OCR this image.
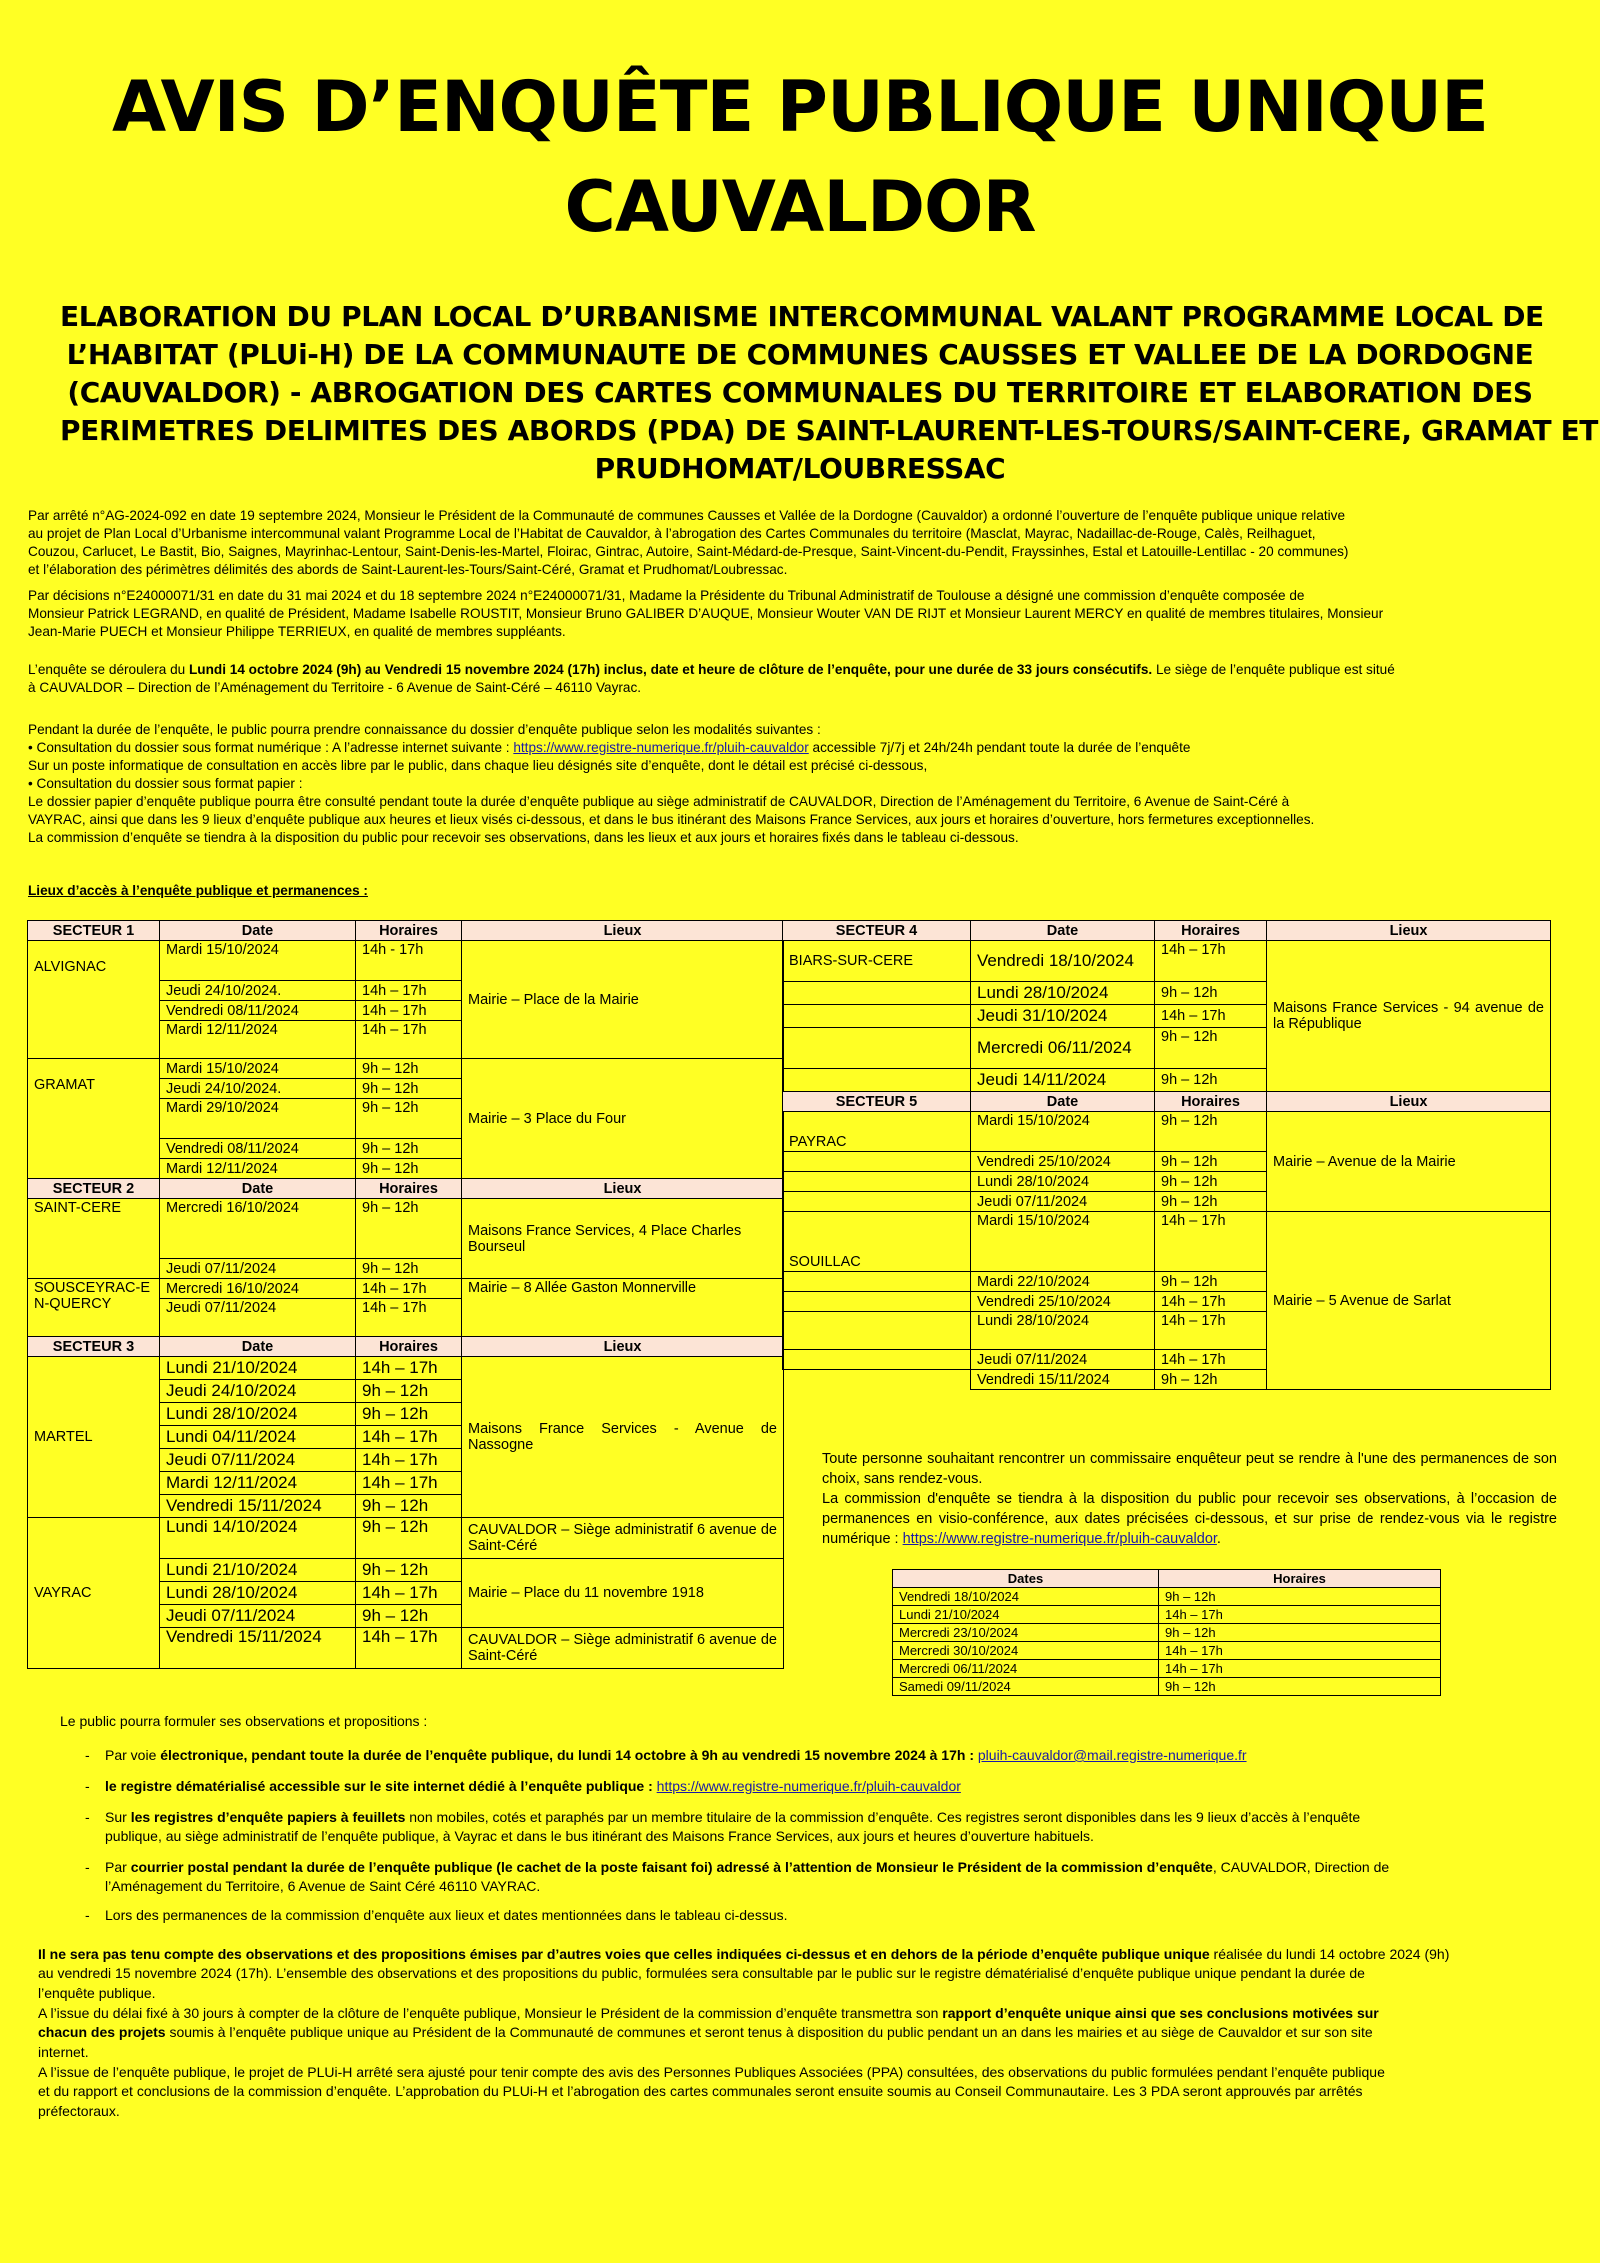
AVIS D’ENQUÊTE PUBLIQUE UNIQUE
CAUVALDOR
ELABORATION DU PLAN LOCAL D’URBANISME INTERCOMMUNAL VALANT PROGRAMME LOCAL DE
L’HABITAT (PLUi-H) DE LA COMMUNAUTE DE COMMUNES CAUSSES ET VALLEE DE LA DORDOGNE
(CAUVALDOR) - ABROGATION DES CARTES COMMUNALES DU TERRITOIRE ET ELABORATION DES
PERIMETRES DELIMITES DES ABORDS (PDA) DE SAINT-LAURENT-LES-TOURS/SAINT-CERE, GRAMAT ET
PRUDHOMAT/LOUBRESSAC
Par arrêté n°AG-2024-092 en date 19 septembre 2024, Monsieur le Président de la Communauté de communes Causses et Vallée de la Dordogne (Cauvaldor) a ordonné l’ouverture de l’enquête publique unique relative
au projet de Plan Local d’Urbanisme intercommunal valant Programme Local de l’Habitat de Cauvaldor, à l’abrogation des Cartes Communales du territoire (Masclat, Mayrac, Nadaillac-de-Rouge, Calès, Reilhaguet,
Couzou, Carlucet, Le Bastit, Bio, Saignes, Mayrinhac-Lentour, Saint-Denis-les-Martel, Floirac, Gintrac, Autoire, Saint-Médard-de-Presque, Saint-Vincent-du-Pendit, Frayssinhes, Estal et Latouille-Lentillac - 20 communes)
et l’élaboration des périmètres délimités des abords de Saint-Laurent-les-Tours/Saint-Céré, Gramat et Prudhomat/Loubressac.
Par décisions n°E24000071/31 en date du 31 mai 2024 et du 18 septembre 2024 n°E24000071/31, Madame la Présidente du Tribunal Administratif de Toulouse a désigné une commission d’enquête composée de
Monsieur Patrick LEGRAND, en qualité de Président, Madame Isabelle ROUSTIT, Monsieur Bruno GALIBER D’AUQUE, Monsieur Wouter VAN DE RIJT et Monsieur Laurent MERCY en qualité de membres titulaires, Monsieur
Jean-Marie PUECH et Monsieur Philippe TERRIEUX, en qualité de membres suppléants.
L’enquête se déroulera du Lundi 14 octobre 2024 (9h) au Vendredi 15 novembre 2024 (17h) inclus, date et heure de clôture de l’enquête, pour une durée de 33 jours consécutifs. Le siège de l’enquête publique est situé
à CAUVALDOR – Direction de l’Aménagement du Territoire - 6 Avenue de Saint-Céré – 46110 Vayrac.
Pendant la durée de l’enquête, le public pourra prendre connaissance du dossier d’enquête publique selon les modalités suivantes :
• Consultation du dossier sous format numérique : A l’adresse internet suivante : https://www.registre-numerique.fr/pluih-cauvaldor accessible 7j/7j et 24h/24h pendant toute la durée de l’enquête
Sur un poste informatique de consultation en accès libre par le public, dans chaque lieu désignés site d’enquête, dont le détail est précisé ci-dessous,
• Consultation du dossier sous format papier :
Le dossier papier d’enquête publique pourra être consulté pendant toute la durée d’enquête publique au siège administratif de CAUVALDOR, Direction de l’Aménagement du Territoire, 6 Avenue de Saint-Céré à
VAYRAC, ainsi que dans les 9 lieux d’enquête publique aux heures et lieux visés ci-dessous, et dans le bus itinérant des Maisons France Services, aux jours et horaires d’ouverture, hors fermetures exceptionnelles.
La commission d’enquête se tiendra à la disposition du public pour recevoir ses observations, dans les lieux et aux jours et horaires fixés dans le tableau ci-dessous.
Lieux d’accès à l’enquête publique et permanences :
SECTEUR 1	Date	Horaires	Lieux
ALVIGNAC	Mardi 15/10/2024	14h - 17h	Mairie – Place de la Mairie
	Jeudi 24/10/2024.	14h – 17h	
	Vendredi 08/11/2024	14h – 17h	
	Mardi 12/11/2024	14h – 17h	
GRAMAT	Mardi 15/10/2024	9h – 12h	Mairie – 3 Place du Four
	Jeudi 24/10/2024.	9h – 12h	
	Mardi 29/10/2024	9h – 12h	
	Vendredi 08/11/2024	9h – 12h	
	Mardi 12/11/2024	9h – 12h	
SECTEUR 2	Date	Horaires	Lieux
SAINT-CERE	Mercredi 16/10/2024	9h – 12h	Maisons France Services, 4 Place Charles Bourseul
	Jeudi 07/11/2024	9h – 12h	
SOUSCEYRAC-EN-QUERCY	Mercredi 16/10/2024	14h – 17h	Mairie – 8 Allée Gaston Monnerville
	Jeudi 07/11/2024	14h – 17h	
SECTEUR 3	Date	Horaires	Lieux
MARTEL	Lundi 21/10/2024	14h – 17h	Maisons France Services - Avenue de Nassogne
	Jeudi 24/10/2024	9h – 12h	
	Lundi 28/10/2024	9h – 12h	
	Lundi 04/11/2024	14h – 17h	
	Jeudi 07/11/2024	14h – 17h	
	Mardi 12/11/2024	14h – 17h	
	Vendredi 15/11/2024	9h – 12h	
VAYRAC	Lundi 14/10/2024	9h – 12h	CAUVALDOR – Siège administratif 6 avenue de Saint-Céré
	Lundi 21/10/2024	9h – 12h	Mairie – Place du 11 novembre 1918
	Lundi 28/10/2024	14h – 17h	
	Jeudi 07/11/2024	9h – 12h	
	Vendredi 15/11/2024	14h – 17h	CAUVALDOR – Siège administratif 6 avenue de Saint-Céré
SECTEUR 4	Date	Horaires	Lieux
BIARS-SUR-CERE	Vendredi 18/10/2024	14h – 17h	Maisons France Services - 94 avenue de la République
	Lundi 28/10/2024	9h – 12h	
	Jeudi 31/10/2024	14h – 17h	
	Mercredi 06/11/2024	9h – 12h	
	Jeudi 14/11/2024	9h – 12h	
SECTEUR 5	Date	Horaires	Lieux
PAYRAC	Mardi 15/10/2024	9h – 12h	Mairie – Avenue de la Mairie
	Vendredi 25/10/2024	9h – 12h	
	Lundi 28/10/2024	9h – 12h	
	Jeudi 07/11/2024	9h – 12h	
SOUILLAC	Mardi 15/10/2024	14h – 17h	Mairie – 5 Avenue de Sarlat
	Mardi 22/10/2024	9h – 12h	
	Vendredi 25/10/2024	14h – 17h	
	Lundi 28/10/2024	14h – 17h	
	Jeudi 07/11/2024	14h – 17h	
	Vendredi 15/11/2024	9h – 12h	
Toute personne souhaitant rencontrer un commissaire enquêteur peut se rendre à l'une des permanences de son choix, sans rendez-vous.
La commission d'enquête se tiendra à la disposition du public pour recevoir ses observations, à l’occasion de permanences en visio-conférence, aux dates précisées ci-dessous, et sur prise de rendez-vous via le registre numérique : https://www.registre-numerique.fr/pluih-cauvaldor.
Dates	Horaires
Vendredi 18/10/2024	9h – 12h
Lundi 21/10/2024	14h – 17h
Mercredi 23/10/2024	9h – 12h
Mercredi 30/10/2024	14h – 17h
Mercredi 06/11/2024	14h – 17h
Samedi 09/11/2024	9h – 12h
Le public pourra formuler ses observations et propositions :
- Par voie électronique, pendant toute la durée de l’enquête publique, du lundi 14 octobre à 9h au vendredi 15 novembre 2024 à 17h : pluih-cauvaldor@mail.registre-numerique.fr
- le registre dématérialisé accessible sur le site internet dédié à l’enquête publique : https://www.registre-numerique.fr/pluih-cauvaldor
- Sur les registres d’enquête papiers à feuillets non mobiles, cotés et paraphés par un membre titulaire de la commission d’enquête. Ces registres seront disponibles dans les 9 lieux d’accès à l’enquête
publique, au siège administratif de l’enquête publique, à Vayrac et dans le bus itinérant des Maisons France Services, aux jours et heures d’ouverture habituels.
- Par courrier postal pendant la durée de l’enquête publique (le cachet de la poste faisant foi) adressé à l’attention de Monsieur le Président de la commission d’enquête, CAUVALDOR, Direction de
l’Aménagement du Territoire, 6 Avenue de Saint Céré 46110 VAYRAC.
- Lors des permanences de la commission d’enquête aux lieux et dates mentionnées dans le tableau ci-dessus.
Il ne sera pas tenu compte des observations et des propositions émises par d’autres voies que celles indiquées ci-dessus et en dehors de la période d’enquête publique unique réalisée du lundi 14 octobre 2024 (9h)
au vendredi 15 novembre 2024 (17h). L’ensemble des observations et des propositions du public, formulées sera consultable par le public sur le registre dématérialisé d’enquête publique unique pendant la durée de
l’enquête publique.
A l’issue du délai fixé à 30 jours à compter de la clôture de l’enquête publique, Monsieur le Président de la commission d’enquête transmettra son rapport d’enquête unique ainsi que ses conclusions motivées sur
chacun des projets soumis à l’enquête publique unique au Président de la Communauté de communes et seront tenus à disposition du public pendant un an dans les mairies et au siège de Cauvaldor et sur son site
internet.
A l’issue de l’enquête publique, le projet de PLUi-H arrêté sera ajusté pour tenir compte des avis des Personnes Publiques Associées (PPA) consultées, des observations du public formulées pendant l’enquête publique
et du rapport et conclusions de la commission d’enquête. L’approbation du PLUi-H et l’abrogation des cartes communales seront ensuite soumis au Conseil Communautaire. Les 3 PDA seront approuvés par arrêtés
préfectoraux.
